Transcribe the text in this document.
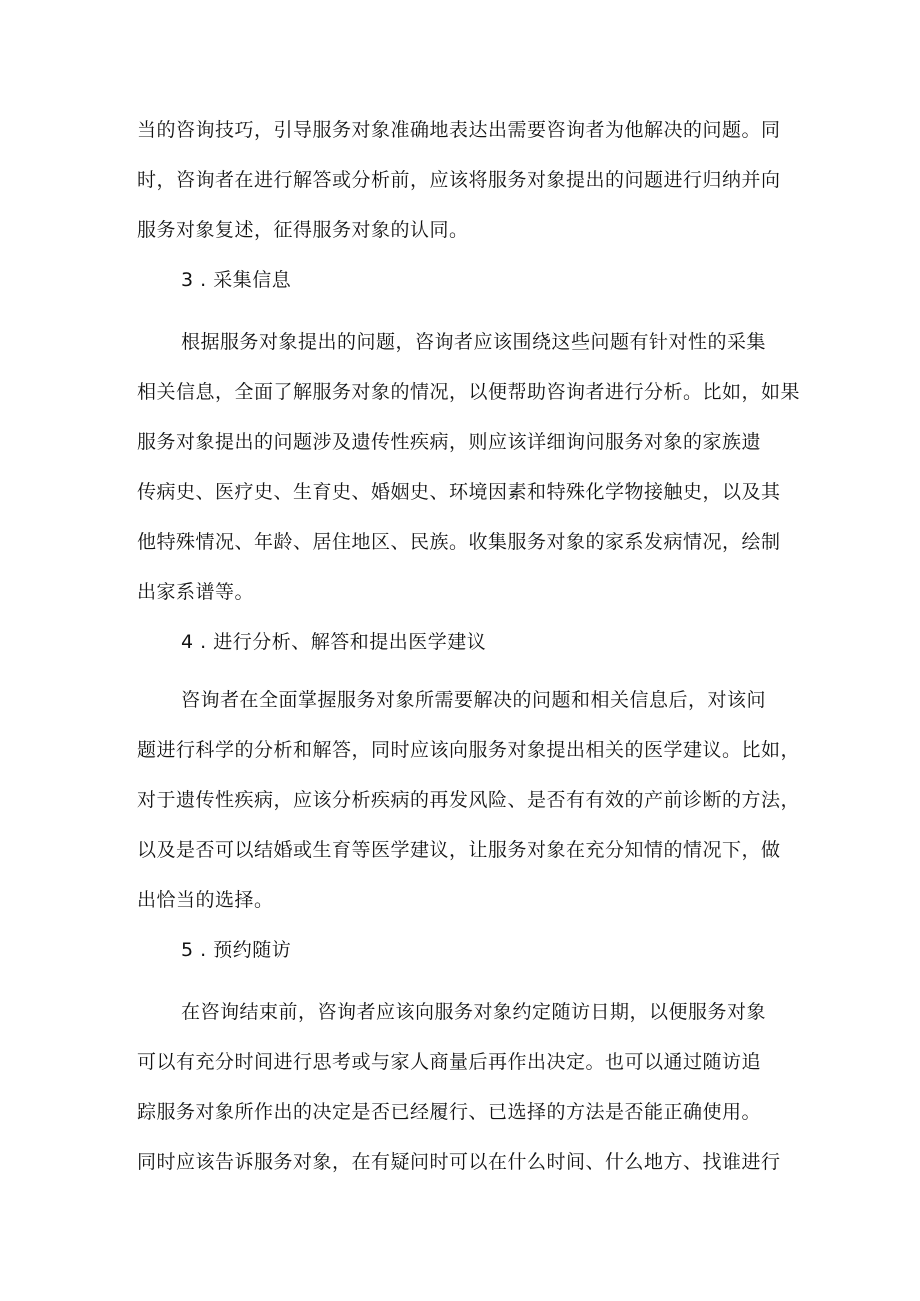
当的咨询技巧，引导服务对象准确地表达出需要咨询者为他解决的问题。同
时，咨询者在进行解答或分析前，应该将服务对象提出的问题进行归纳并向
服务对象复述，征得服务对象的认同。
3 . 采集信息
根据服务对象提出的问题，咨询者应该围绕这些问题有针对性的采集
相关信息，全面了解服务对象的情况，以便帮助咨询者进行分析。比如，如果
服务对象提出的问题涉及遗传性疾病，则应该详细询问服务对象的家族遗
传病史、医疗史、生育史、婚姻史、环境因素和特殊化学物接触史，以及其
他特殊情况、年龄、居住地区、民族。收集服务对象的家系发病情况，绘制
出家系谱等。
4 . 进行分析、解答和提出医学建议
咨询者在全面掌握服务对象所需要解决的问题和相关信息后，对该问
题进行科学的分析和解答，同时应该向服务对象提出相关的医学建议。比如，
对于遗传性疾病，应该分析疾病的再发风险、是否有有效的产前诊断的方法，
以及是否可以结婚或生育等医学建议，让服务对象在充分知情的情况下，做
出恰当的选择。
5 . 预约随访
在咨询结束前，咨询者应该向服务对象约定随访日期，以便服务对象
可以有充分时间进行思考或与家人商量后再作出决定。也可以通过随访追
踪服务对象所作出的决定是否已经履行、已选择的方法是否能正确使用。
同时应该告诉服务对象，在有疑问时可以在什么时间、什么地方、找谁进行
